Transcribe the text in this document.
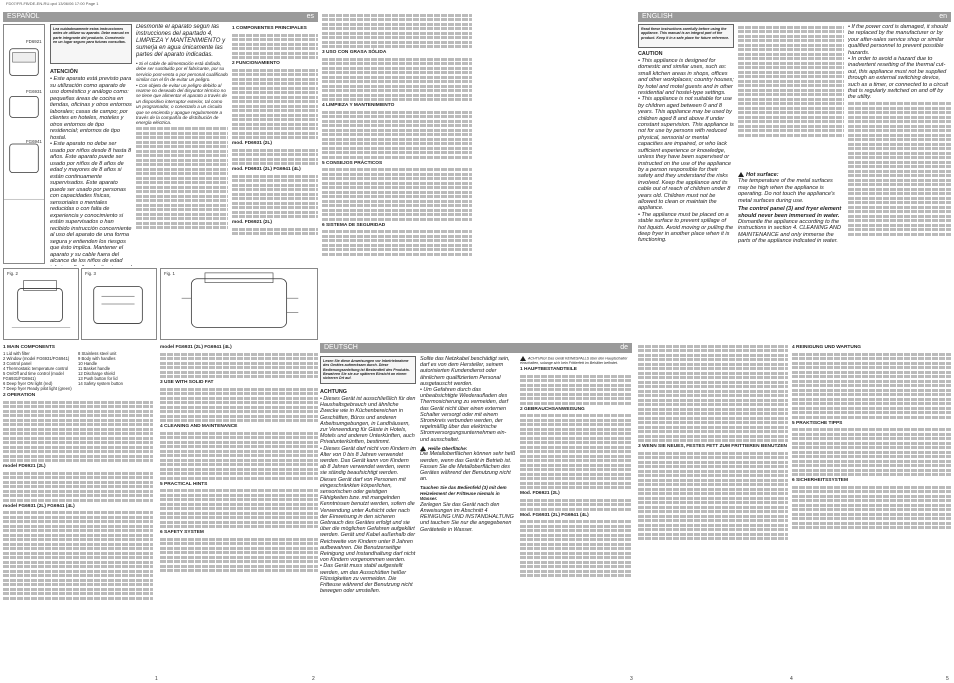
FD07/FR-FB/DE-EN-RU.qxd 13/06/06 17:00 Page 1
ESPAÑOL	es
FD6921
FG6931
FG6941
Lea cuidadosamente estas instrucciones antes de utilizar su aparato. Debe manual en parte integrante del producto. Consérvelo en un lugar seguro para futuras consultas.
ATENCIÓN
• Este aparato está previsto para su utilización como aparato de uso doméstico y análogo como: pequeñas áreas de cocina en tiendas, oficinas y otros entornos laborales; casas de campo; por clientes en hoteles, moteles y otros entornos de tipo residencial; entornos de tipo hostal.
• Este aparato no debe ser usado por niños desde 8 hasta 8 años. Este aparato puede ser usado por niños de 8 años de edad y mayores de 8 años si están continuamente supervisados. Este aparato puede ser usado por personas con capacidades físicas, sensoriales o mentales reducidas o con falta de experiencia y conocimiento si están supervisados o han recibido instrucción concerniente al uso del aparato de una forma segura y entienden los riesgos que ésto implica. Mantener el aparato y su cable fuera del alcance de los niños de edad

Desmonte el aparato según las instrucciones del apartado 4, LIMPIEZA Y MANTENIMIENTO y sumerja en agua únicamente las partes del aparato indicadas.
• Si el cable de alimentación está dañado, debe ser sustituido por el fabricante, por su servicio post-venta o por personal cualificado similar con el fin de evitar un peligro.
• Con objeto de evitar un peligro debido al rearme no deseado del disyuntor térmico no se tiene que alimentar el aparato a través de un dispositivo interruptor exterior, tal como un programador, o conectarlo a un circuito que se encienda y apague regularmente a través de la compañía de distribución de energía eléctrica.
1 COMPONENTES PRINCIPALES
2 FUNCIONAMIENTO
mod. FD6931 (2L)
mod. FD6931 (2L) FG6941 (4L)
mod. FD6921 (2L)
3 USO CON GRASA SÓLIDA
4 LIMPIEZA Y MANTENIMIENTO
5 CONSEJOS PRÁCTICOS
6 SISTEMA DE SEGURIDAD
Fig. 2	Fig. 3	Fig. 1
1 MAIN COMPONENTS
1 Lid with filter
2 Window (model FG6931/FG6941)
3 Control panel
4 Thermostatic temperature control
5 On/Off and time control (model FG6931/FG6941)
6 Deep fryer ON light (red)
7 Deep fryer Ready pilot light (green)
8 Stainless steel unit
9 Body with handles
10 Handle
11 Basket handle
12 Discharge shield
13 Push button for lid
14 Safety system button
2 OPERATION
model FD6921 (2L)
model FG6931 (2L) FG6941 (4L)
model FG6931 (2L) FG6941 (4L)
3 USE WITH SOLID FAT
4 CLEANING AND MAINTENANCE
5 PRACTICAL HINTS
6 SAFETY SYSTEM
DEUTSCH	de
Lesen Sie diese Anweisungen vor Inbetriebnahme des Gerätes aufmerksam durch. Diese Bedienungsanleitung ist Bestandteil des Produkts. Bewahren Sie sie zur späteren Einsicht an einem sicheren Ort auf.
ACHTUNG
• Dieses Gerät ist ausschließlich für den Haushaltsgebrauch und ähnliche Zwecke wie in Küchenbereichen in Geschäften, Büros und anderen Arbeitsumgebungen, in Landhäusern, zur Verwendung für Gäste in Hotels, Motels und anderen Unterkünften, auch Privatunterkünften, bestimmt.
• Dieses Gerät darf nicht von Kindern im Alter von 0 bis 8 Jahren verwendet werden. Das Gerät kann von Kindern ab 8 Jahren verwendet werden, wenn sie ständig beaufsichtigt werden. Dieses Gerät darf von Personen mit eingeschränkten körperlichen, sensorischen oder geistigen Fähigkeiten bzw. mit mangelnden Kenntnissen benutzt werden, sofern die Verwendung unter Aufsicht oder nach der Einweisung in den sicheren Gebrauch des Gerätes erfolgt und sie über die möglichen Gefahren aufgeklärt werden. Gerät und Kabel außerhalb der Reichweite von Kindern unter 8 Jahren aufbewahren. Die Benutzerseitige Reinigung und Instandhaltung darf nicht von Kindern vorgenommen werden.
• Das Gerät muss stabil aufgestellt werden, um das Ausschütten heißer Flüssigkeiten zu vermeiden. Die Fritteuse während der Benutzung nicht bewegen oder umstellen.
Sollte das Netzkabel beschädigt sein, darf es von dem Hersteller, seinem autorisierten Kundendienst oder ähnlichem qualifiziertem Personal ausgetauscht werden.
• Um Gefahren durch das unbeabsichtigte Wiederaufladen des Thermosicherung zu vermeiden, darf das Gerät nicht über einen externen Schalter versorgt oder mit einem Stromkreis verbunden werden, der regelmäßig über das elektrische Stromversorgungsunternehmen ein- und ausschaltet.
Heiße Oberfläche:
Die Metalloberflächen können sehr heiß werden, wenn das Gerät in Betrieb ist. Fassen Sie die Metalloberflächen des Gerätes während der Benutzung nicht an.
Tauchen Sie das Bedienfeld (3) mit dem Heizelement der Fritteuse niemals in Wasser.
Zerlegen Sie das Gerät nach den Anweisungen im Abschnitt 4 REINIGUNG UND INSTANDHALTUNG und tauchen Sie nur die angegebenen Geräteteile in Wasser.
ACHTUNG! Das Gerät KEINESFALLS über den Hauptschalter einschalten, solange sich kein Frittierfett im Behälter befindet.
1 HAUPTBESTANDTEILE
2 GEBRAUCHSANWEISUNG
Mod. FD6921 (2L)
Mod. FG6931 (2L) FG6941 (4L)
ENGLISH	en
Read these instructions carefully before using the appliance. This manual is an integral part of the product. Keep it in a safe place for future reference.
CAUTION
• This appliance is designed for domestic and similar uses, such as: small kitchen areas in shops, offices and other workplaces; country houses; by hotel and motel guests and in other residential and hostel-type settings.
• This appliance is not suitable for use by children aged between 0 and 8 years. This appliance may be used by children aged 8 and above if under constant supervision. This appliance is not for use by persons with reduced physical, sensorial or mental capacities are impaired, or who lack sufficient experience or knowledge, unless they have been supervised or instructed on the use of the appliance by a person responsible for their safety and they understand the risks involved. Keep the appliance and its cable out of reach of children under 8 years old. Children must not be allowed to clean or maintain the appliance.
• The appliance must be placed on a stable surface to prevent spillage of hot liquids. Avoid moving or pulling the deep fryer in another place when it is functioning.
Hot surface:
The temperature of the metal surfaces may be high when the appliance is operating. Do not touch the appliance's metal surfaces during use.
The control panel (3) and fryer element should never been immersed in water.
Dismantle the appliance according to the instructions in section 4. CLEANING AND MAINTENANCE and only immerse the parts of the appliance indicated in water.
• If the power cord is damaged, it should be replaced by the manufacturer or by your after-sales service shop or similar qualified personnel to prevent possible hazards.
• In order to avoid a hazard due to inadvertent resetting of the thermal cut-out, this appliance must not be supplied through an external switching device, such as a timer, or connected to a circuit that is regularly switched on and off by the utility.
3 WENN SIE NEUES, FESTES FETT ZUM FRITTIEREN BENUTZEN
4 REINIGUNG UND WARTUNG
5 PRAKTISCHE TIPPS
6 SICHERHEITSSYSTEM
1	2	3	4	5
